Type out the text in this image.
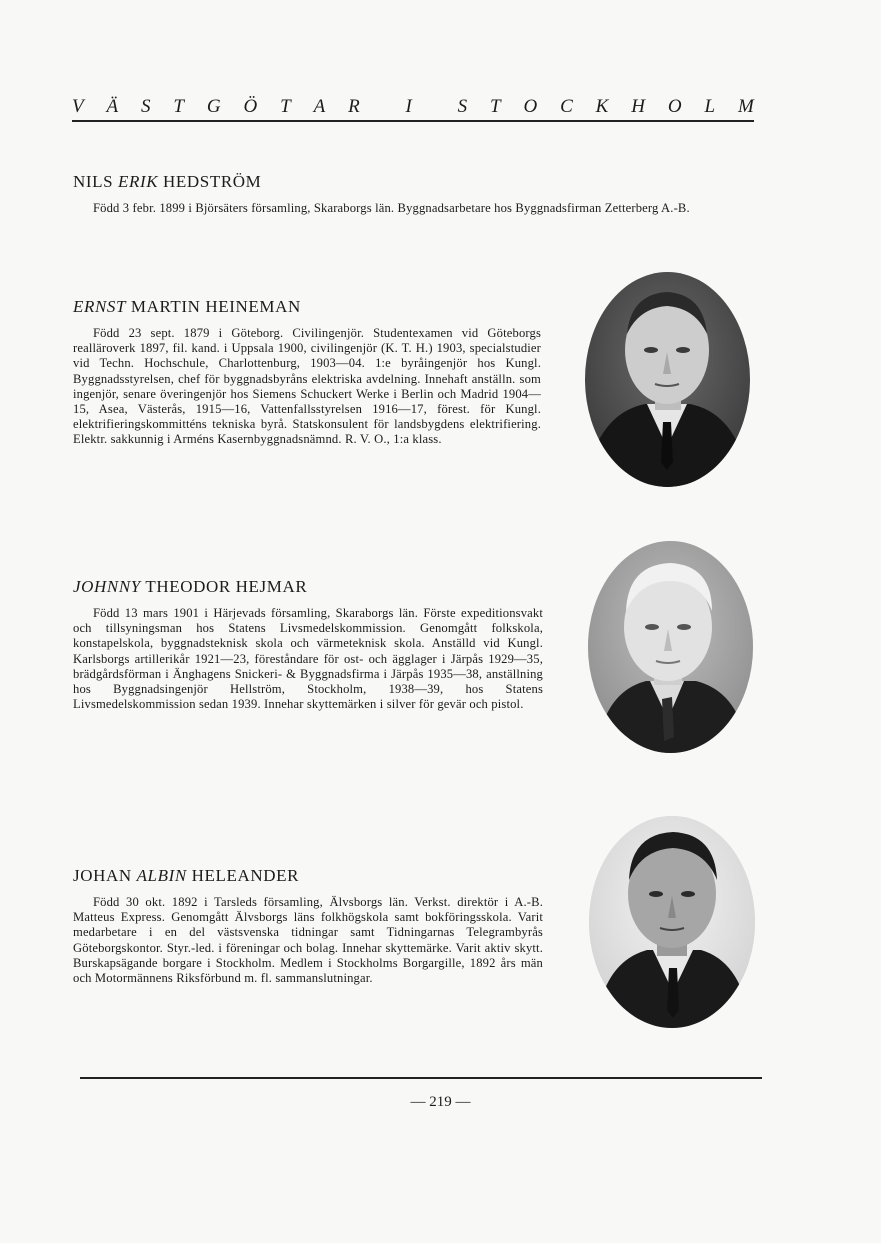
V Ä S T G Ö T A R I S T O C K H O L M
NILS ERIK HEDSTRÖM

Född 3 febr. 1899 i Björsäters församling, Skaraborgs län. Byggnadsarbetare hos Byggnadsfirman Zetterberg A.-B.

ERNST MARTIN HEINEMAN

Född 23 sept. 1879 i Göteborg. Civilingenjör. Studentexamen vid Göteborgs realläroverk 1897, fil. kand. i Uppsala 1900, civilingenjör (K. T. H.) 1903, specialstudier vid Techn. Hochschule, Charlottenburg, 1903—04. 1:e byråingenjör hos Kungl. Byggnadsstyrelsen, chef för byggnadsbyråns elektriska avdelning. Innehaft anställn. som ingenjör, senare överingenjör hos Siemens Schuckert Werke i Berlin och Madrid 1904—15, Asea, Västerås, 1915—16, Vattenfallsstyrelsen 1916—17, förest. för Kungl. elektrifieringskommitténs tekniska byrå. Statskonsulent för landsbygdens elektrifiering. Elektr. sakkunnig i Arméns Kasernbyggnadsnämnd. R. V. O., 1:a klass.

JOHNNY THEODOR HEJMAR

Född 13 mars 1901 i Härjevads församling, Skaraborgs län. Förste expeditionsvakt och tillsyningsman hos Statens Livsmedelskommission. Genomgått folkskola, konstapelskola, byggnadsteknisk skola och värmeteknisk skola. Anställd vid Kungl. Karlsborgs artillerikår 1921—23, föreståndare för ost- och ägglager i Järpås 1929—35, brädgårdsförman i Änghagens Snickeri- & Byggnadsfirma i Järpås 1935—38, anställning hos Byggnadsingenjör Hellström, Stockholm, 1938—39, hos Statens Livsmedelskommission sedan 1939. Innehar skyttemärken i silver för gevär och pistol.

JOHAN ALBIN HELEANDER

Född 30 okt. 1892 i Tarsleds församling, Älvsborgs län. Verkst. direktör i A.-B. Matteus Express. Genomgått Älvsborgs läns folkhögskola samt bokföringsskola. Varit medarbetare i en del västsvenska tidningar samt Tidningarnas Telegrambyrås Göteborgskontor. Styr.-led. i föreningar och bolag. Innehar skyttemärke. Varit aktiv skytt. Burskapsägande borgare i Stockholm. Medlem i Stockholms Borgargille, 1892 års män och Motormännens Riksförbund m. fl. sammanslutningar.

— 219 —
